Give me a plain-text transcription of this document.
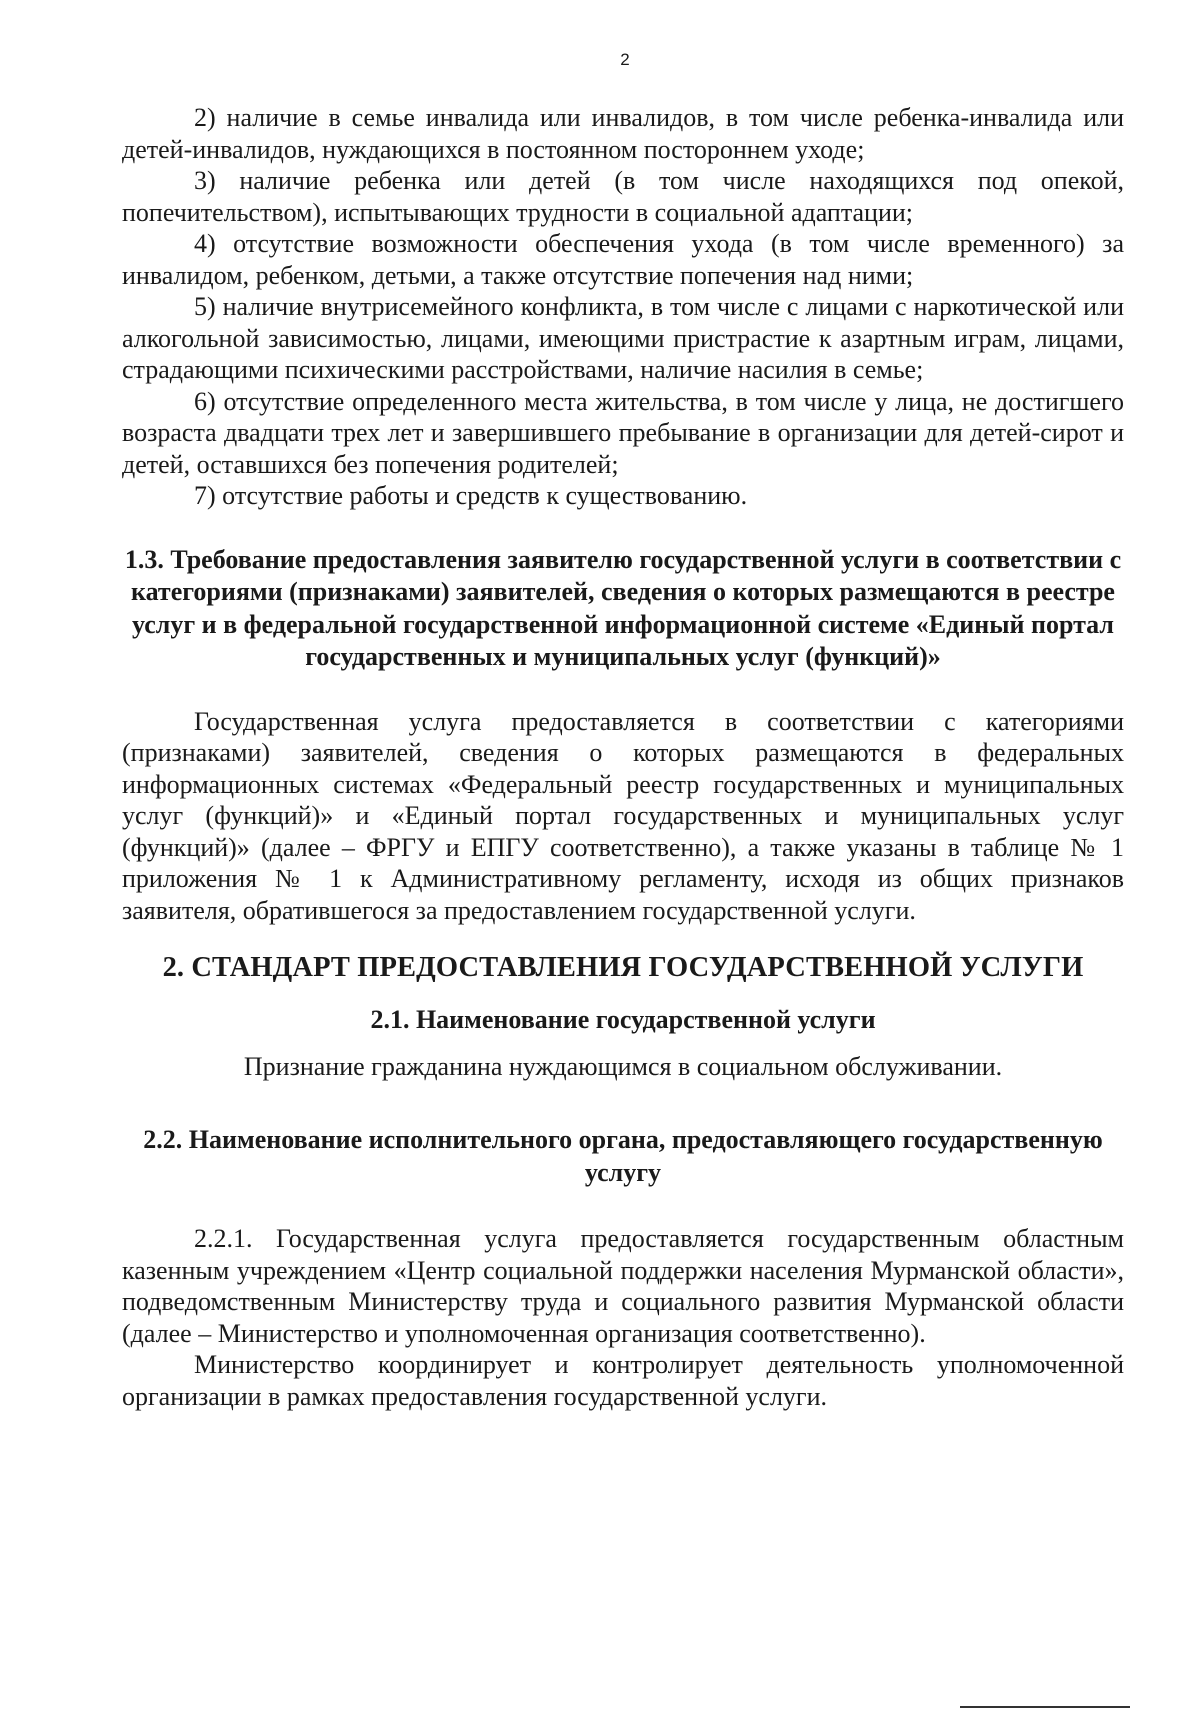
2

2) наличие в семье инвалида или инвалидов, в том числе ребенка-инвалида или детей-инвалидов, нуждающихся в постоянном постороннем уходе;

3) наличие ребенка или детей (в том числе находящихся под опекой, попечительством), испытывающих трудности в социальной адаптации;

4) отсутствие возможности обеспечения ухода (в том числе временного) за инвалидом, ребенком, детьми, а также отсутствие попечения над ними;

5) наличие внутрисемейного конфликта, в том числе с лицами с наркотической или алкогольной зависимостью, лицами, имеющими пристрастие к азартным играм, лицами, страдающими психическими расстройствами, наличие насилия в семье;

6) отсутствие определенного места жительства, в том числе у лица, не достигшего возраста двадцати трех лет и завершившего пребывание в организации для детей-сирот и детей, оставшихся без попечения родителей;

7) отсутствие работы и средств к существованию.

1.3. Требование предоставления заявителю государственной услуги в соответствии с категориями (признаками) заявителей, сведения о которых размещаются в реестре услуг и в федеральной государственной информационной системе «Единый портал государственных и муниципальных услуг (функций)»

Государственная услуга предоставляется в соответствии с категориями (признаками) заявителей, сведения о которых размещаются в федеральных информационных системах «Федеральный реестр государственных и муниципальных услуг (функций)» и «Единый портал государственных и муниципальных услуг (функций)» (далее – ФРГУ и ЕПГУ соответственно), а также указаны в таблице № 1 приложения № 1 к Административному регламенту, исходя из общих признаков заявителя, обратившегося за предоставлением государственной услуги.

2. СТАНДАРТ ПРЕДОСТАВЛЕНИЯ ГОСУДАРСТВЕННОЙ УСЛУГИ

2.1. Наименование государственной услуги

Признание гражданина нуждающимся в социальном обслуживании.

2.2. Наименование исполнительного органа, предоставляющего государственную услугу

2.2.1. Государственная услуга предоставляется государственным областным казенным учреждением «Центр социальной поддержки населения Мурманской области», подведомственным Министерству труда и социального развития Мурманской области (далее – Министерство и уполномоченная организация соответственно).

Министерство координирует и контролирует деятельность уполномоченной организации в рамках предоставления государственной услуги.
